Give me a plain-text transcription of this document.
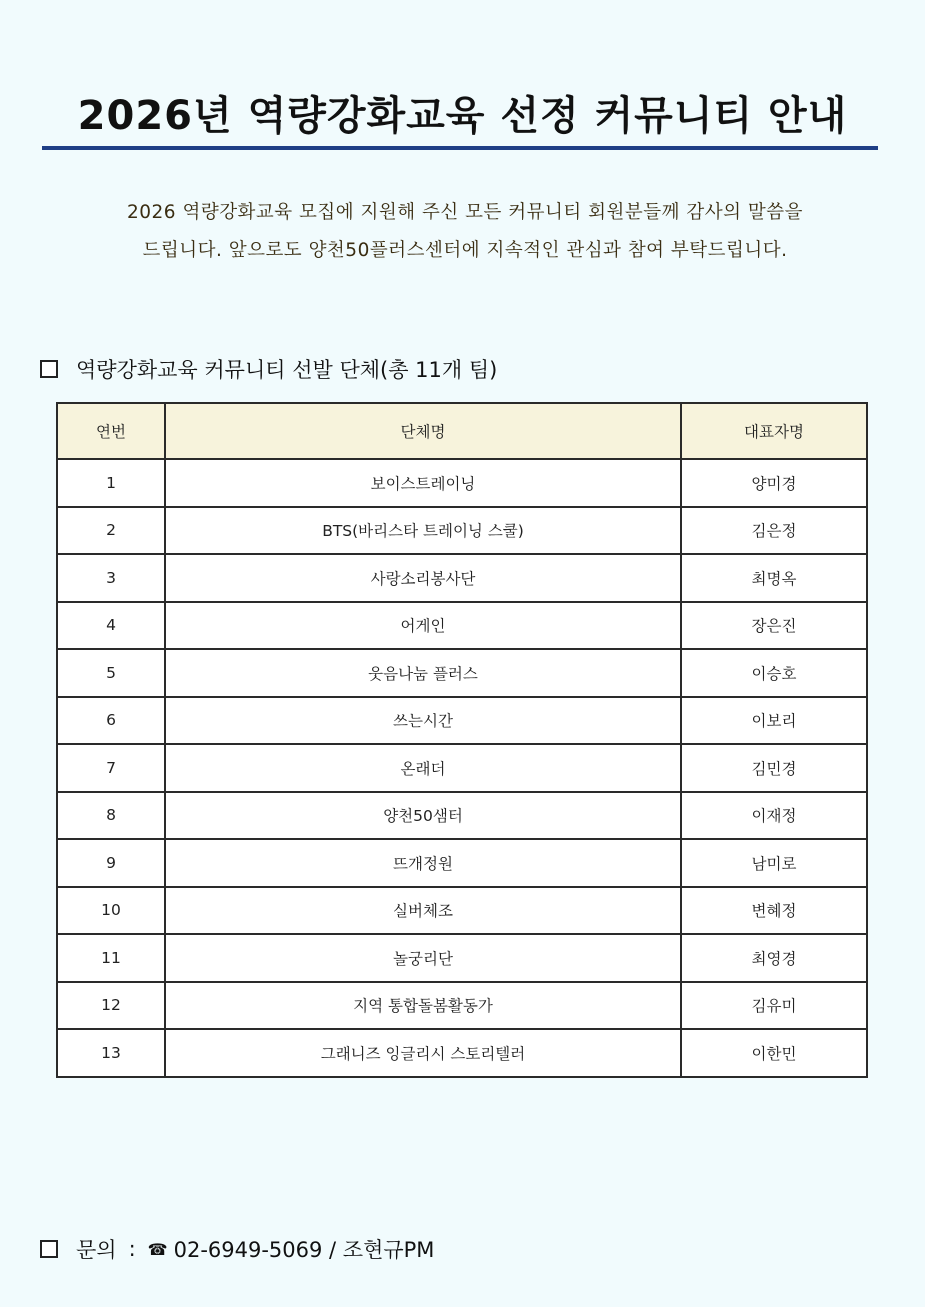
2026년 역량강화교육 선정 커뮤니티 안내
2026 역량강화교육 모집에 지원해 주신 모든 커뮤니티 회원분들께 감사의 말씀을
드립니다. 앞으로도 양천50플러스센터에 지속적인 관심과 참여 부탁드립니다.
역량강화교육 커뮤니티 선발 단체(총 11개 팀)
연번	단체명	대표자명
1	보이스트레이닝	양미경
2	BTS(바리스타 트레이닝 스쿨)	김은정
3	사랑소리봉사단	최명옥
4	어게인	장은진
5	웃음나눔 플러스	이승호
6	쓰는시간	이보리
7	온래더	김민경
8	양천50샘터	이재정
9	뜨개정원	남미로
10	실버체조	변혜정
11	놀궁리단	최영경
12	지역 통합돌봄활동가	김유미
13	그래니즈 잉글리시 스토리텔러	이한민
문의 : ☎ 02-6949-5069 / 조현규PM
